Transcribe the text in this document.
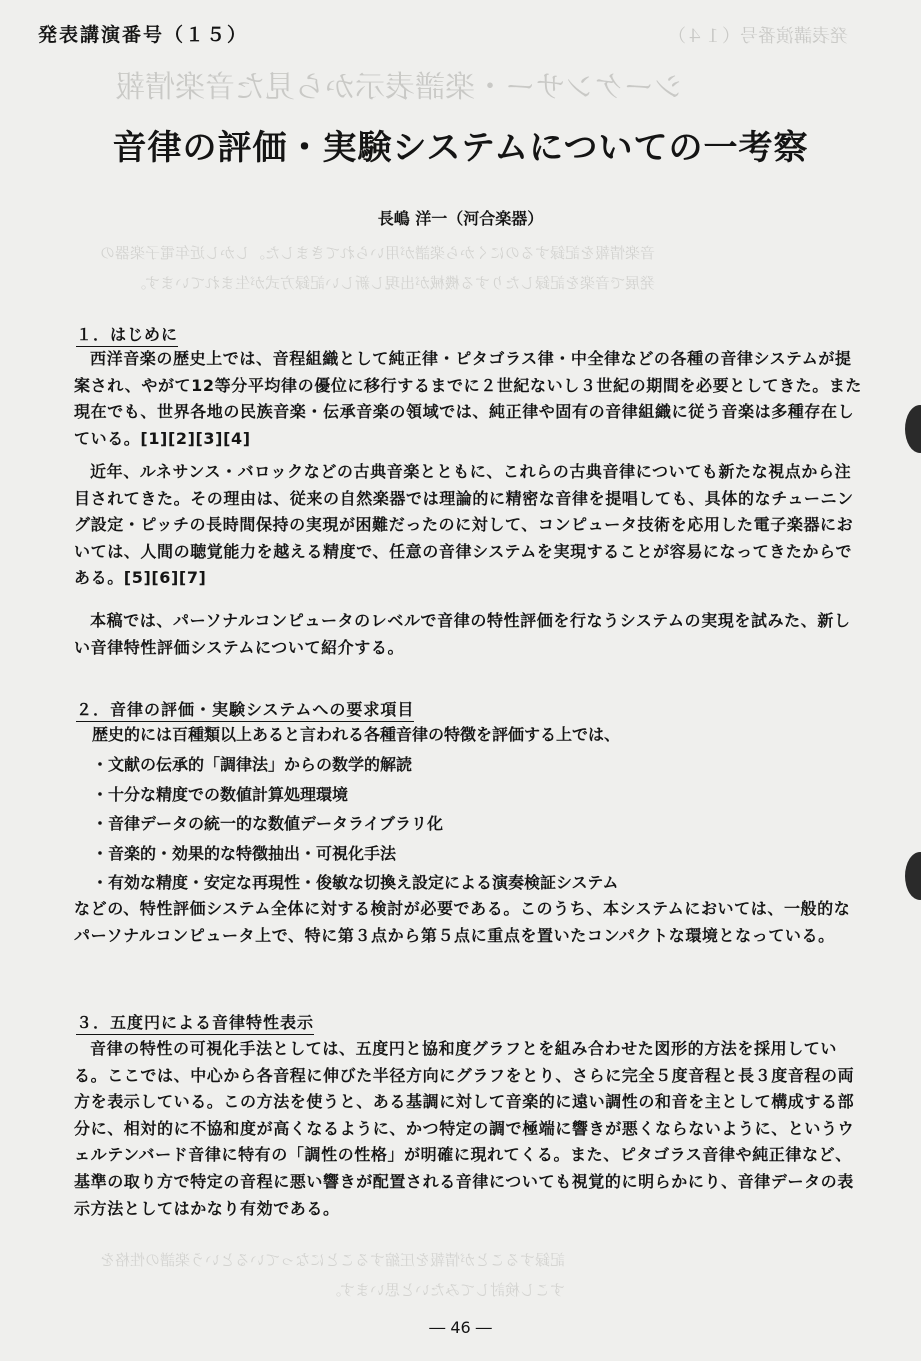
シーケンサー・楽譜表示から見た音楽情報
発表講演番号（１４）
音楽情報を記録するのにくから楽譜が用いられてきました。しかし近年電子楽器の
発展で音楽を記録したりする機械が出現し新しい記録方式が生まれています。
記録することが情報を圧縮することになっているという楽譜の性格を
すこし検討してみたいと思います。
発表講演番号（１５）
音律の評価・実験システムについての一考察
長嶋 洋一（河合楽器）
１．はじめに

西洋音楽の歴史上では、音程組織として純正律・ピタゴラス律・中全律などの各種の音律システムが提案され、やがて12等分平均律の優位に移行するまでに２世紀ないし３世紀の期間を必要としてきた。また現在でも、世界各地の民族音楽・伝承音楽の領域では、純正律や固有の音律組織に従う音楽は多種存在している。[1][2][3][4]

近年、ルネサンス・バロックなどの古典音楽とともに、これらの古典音律についても新たな視点から注目されてきた。その理由は、従来の自然楽器では理論的に精密な音律を提唱しても、具体的なチューニング設定・ピッチの長時間保持の実現が困難だったのに対して、コンピュータ技術を応用した電子楽器においては、人間の聴覚能力を越える精度で、任意の音律システムを実現することが容易になってきたからである。[5][6][7]

本稿では、パーソナルコンピュータのレベルで音律の特性評価を行なうシステムの実現を試みた、新しい音律特性評価システムについて紹介する。

２．音律の評価・実験システムへの要求項目
歴史的には百種類以上あると言われる各種音律の特徴を評価する上では、
・文献の伝承的「調律法」からの数学的解読
・十分な精度での数値計算処理環境
・音律データの統一的な数値データライブラリ化
・音楽的・効果的な特徴抽出・可視化手法
・有効な精度・安定な再現性・俊敏な切換え設定による演奏検証システム

などの、特性評価システム全体に対する検討が必要である。このうち、本システムにおいては、一般的なパーソナルコンピュータ上で、特に第３点から第５点に重点を置いたコンパクトな環境となっている。

３．五度円による音律特性表示

音律の特性の可視化手法としては、五度円と協和度グラフとを組み合わせた図形的方法を採用している。ここでは、中心から各音程に伸びた半径方向にグラフをとり、さらに完全５度音程と長３度音程の両方を表示している。この方法を使うと、ある基調に対して音楽的に遠い調性の和音を主として構成する部分に、相対的に不協和度が高くなるように、かつ特定の調で極端に響きが悪くならないように、というウェルテンバード音律に特有の「調性の性格」が明確に現れてくる。また、ピタゴラス音律や純正律など、基準の取り方で特定の音程に悪い響きが配置される音律についても視覚的に明らかにり、音律データの表示方法としてはかなり有効である。

― 46 ―
